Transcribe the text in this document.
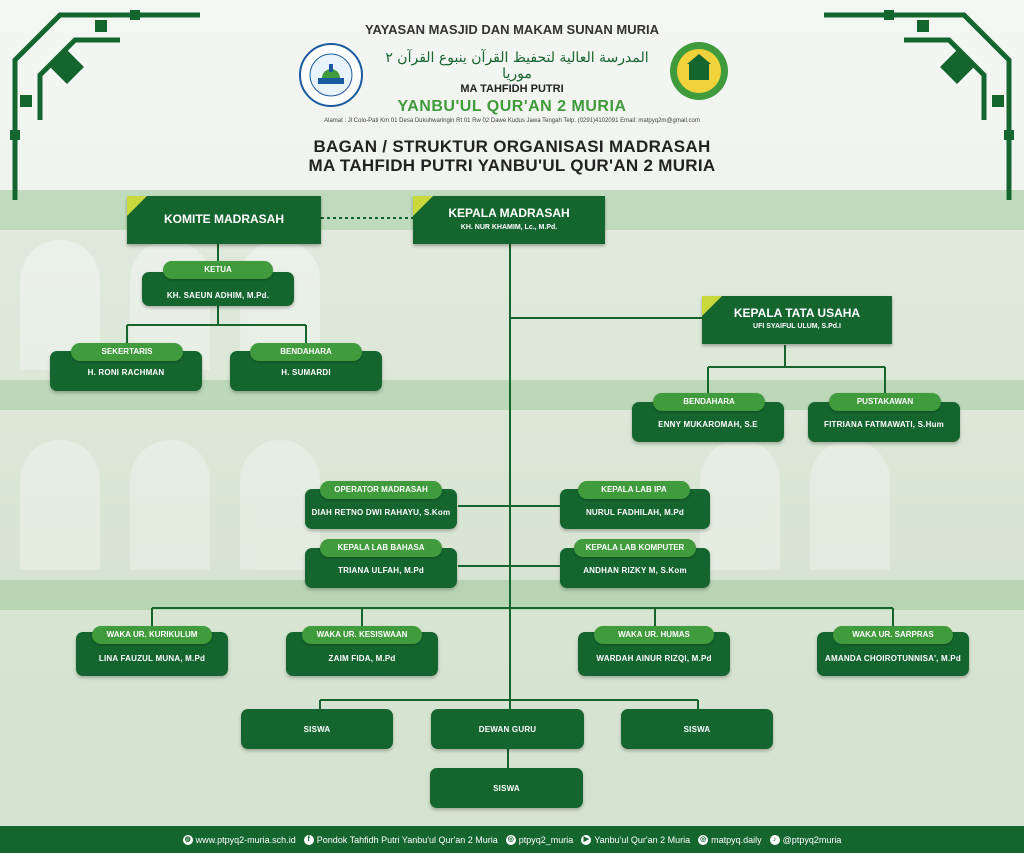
YAYASAN MASJID DAN MAKAM SUNAN MURIA
المدرسة العالية لتحفيظ القرآن ينبوع القرآن ٢ موريا
MA TAHFIDH PUTRI
YANBU'UL QUR'AN 2 MURIA
Alamat : Jl Colo-Pati Km 01 Desa Dukuhwaringin Rt 01 Rw 02 Dawe Kudus Jawa Tengah Telp. (0291)4102091 Email: matpyq2m@gmail.com
BAGAN / STRUKTUR ORGANISASI MADRASAH
MA TAHFIDH PUTRI YANBU'UL QUR'AN 2 MURIA
KOMITE MADRASAH	KEPALA MADRASAH
KH. NUR KHAMIM, Lc., M.Pd.
KH. SAEUN ADHIM, M.Pd.
KETUA
H. RONI RACHMAN
SEKERTARIS
H. SUMARDI
BENDAHARA
KEPALA TATA USAHA
UFI SYAIFUL ULUM, S.Pd.I
ENNY MUKAROMAH, S.E
BENDAHARA
FITRIANA FATMAWATI, S.Hum
PUSTAKAWAN
DIAH RETNO DWI RAHAYU, S.Kom
OPERATOR MADRASAH
NURUL FADHILAH, M.Pd
KEPALA LAB IPA
TRIANA ULFAH, M.Pd
KEPALA LAB BAHASA
ANDHAN RIZKY M, S.Kom
KEPALA LAB KOMPUTER
LINA FAUZUL MUNA, M.Pd
WAKA UR. KURIKULUM
ZAIM FIDA, M.Pd
WAKA UR. KESISWAAN
WARDAH AINUR RIZQI, M.Pd
WAKA UR. HUMAS
AMANDA CHOIROTUNNISA', M.Pd
WAKA UR. SARPRAS
SISWA	DEWAN GURU	SISWA
SISWA
◍ www.ptpyq2-muria.sch.id	f Pondok Tahfidh Putri Yanbu'ul Qur'an 2 Muria ◎ ptpyq2_muria	▶ Yanbu'ul Qur'an 2 Muria ◎ matpyq.daily	♪ @ptpyq2muria
